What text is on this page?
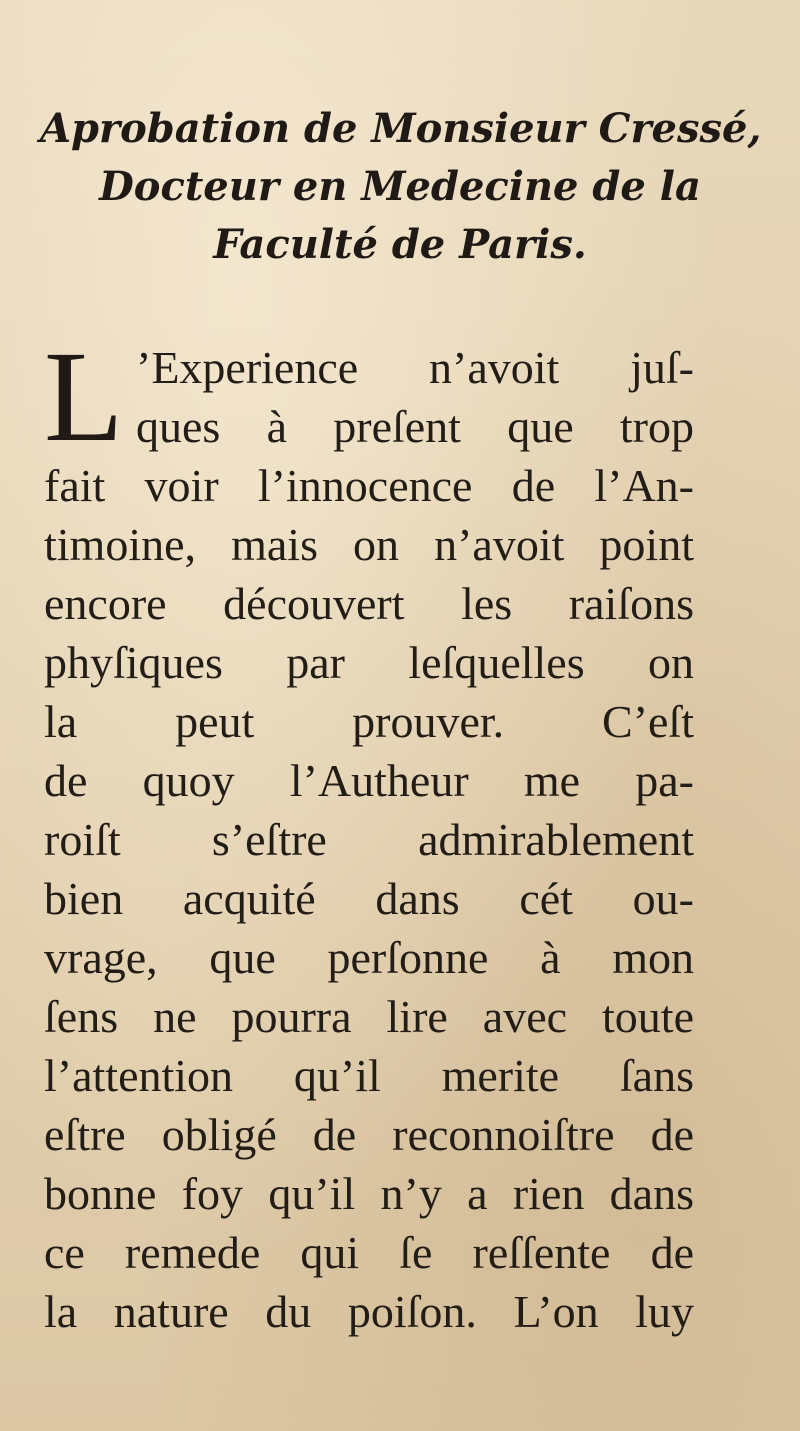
Aprobation de Monsieur Cressé,
Docteur en Medecine de la
Faculté de Paris.
L ’Experience n’avoit juſ-
ques à preſent que trop
fait voir l’innocence de l’An-
timoine, mais on n’avoit point
encore découvert les raiſons
phyſiques par leſquelles on
la peut prouver. C’eſt
de quoy l’Autheur me pa-
roiſt s’eſtre admirablement
bien acquité dans cét ou-
vrage, que perſonne à mon
ſens ne pourra lire avec toute
l’attention qu’il merite ſans
eſtre obligé de reconnoiſtre de
bonne foy qu’il n’y a rien dans
ce remede qui ſe reſſente de
la nature du poiſon. L’on luy
